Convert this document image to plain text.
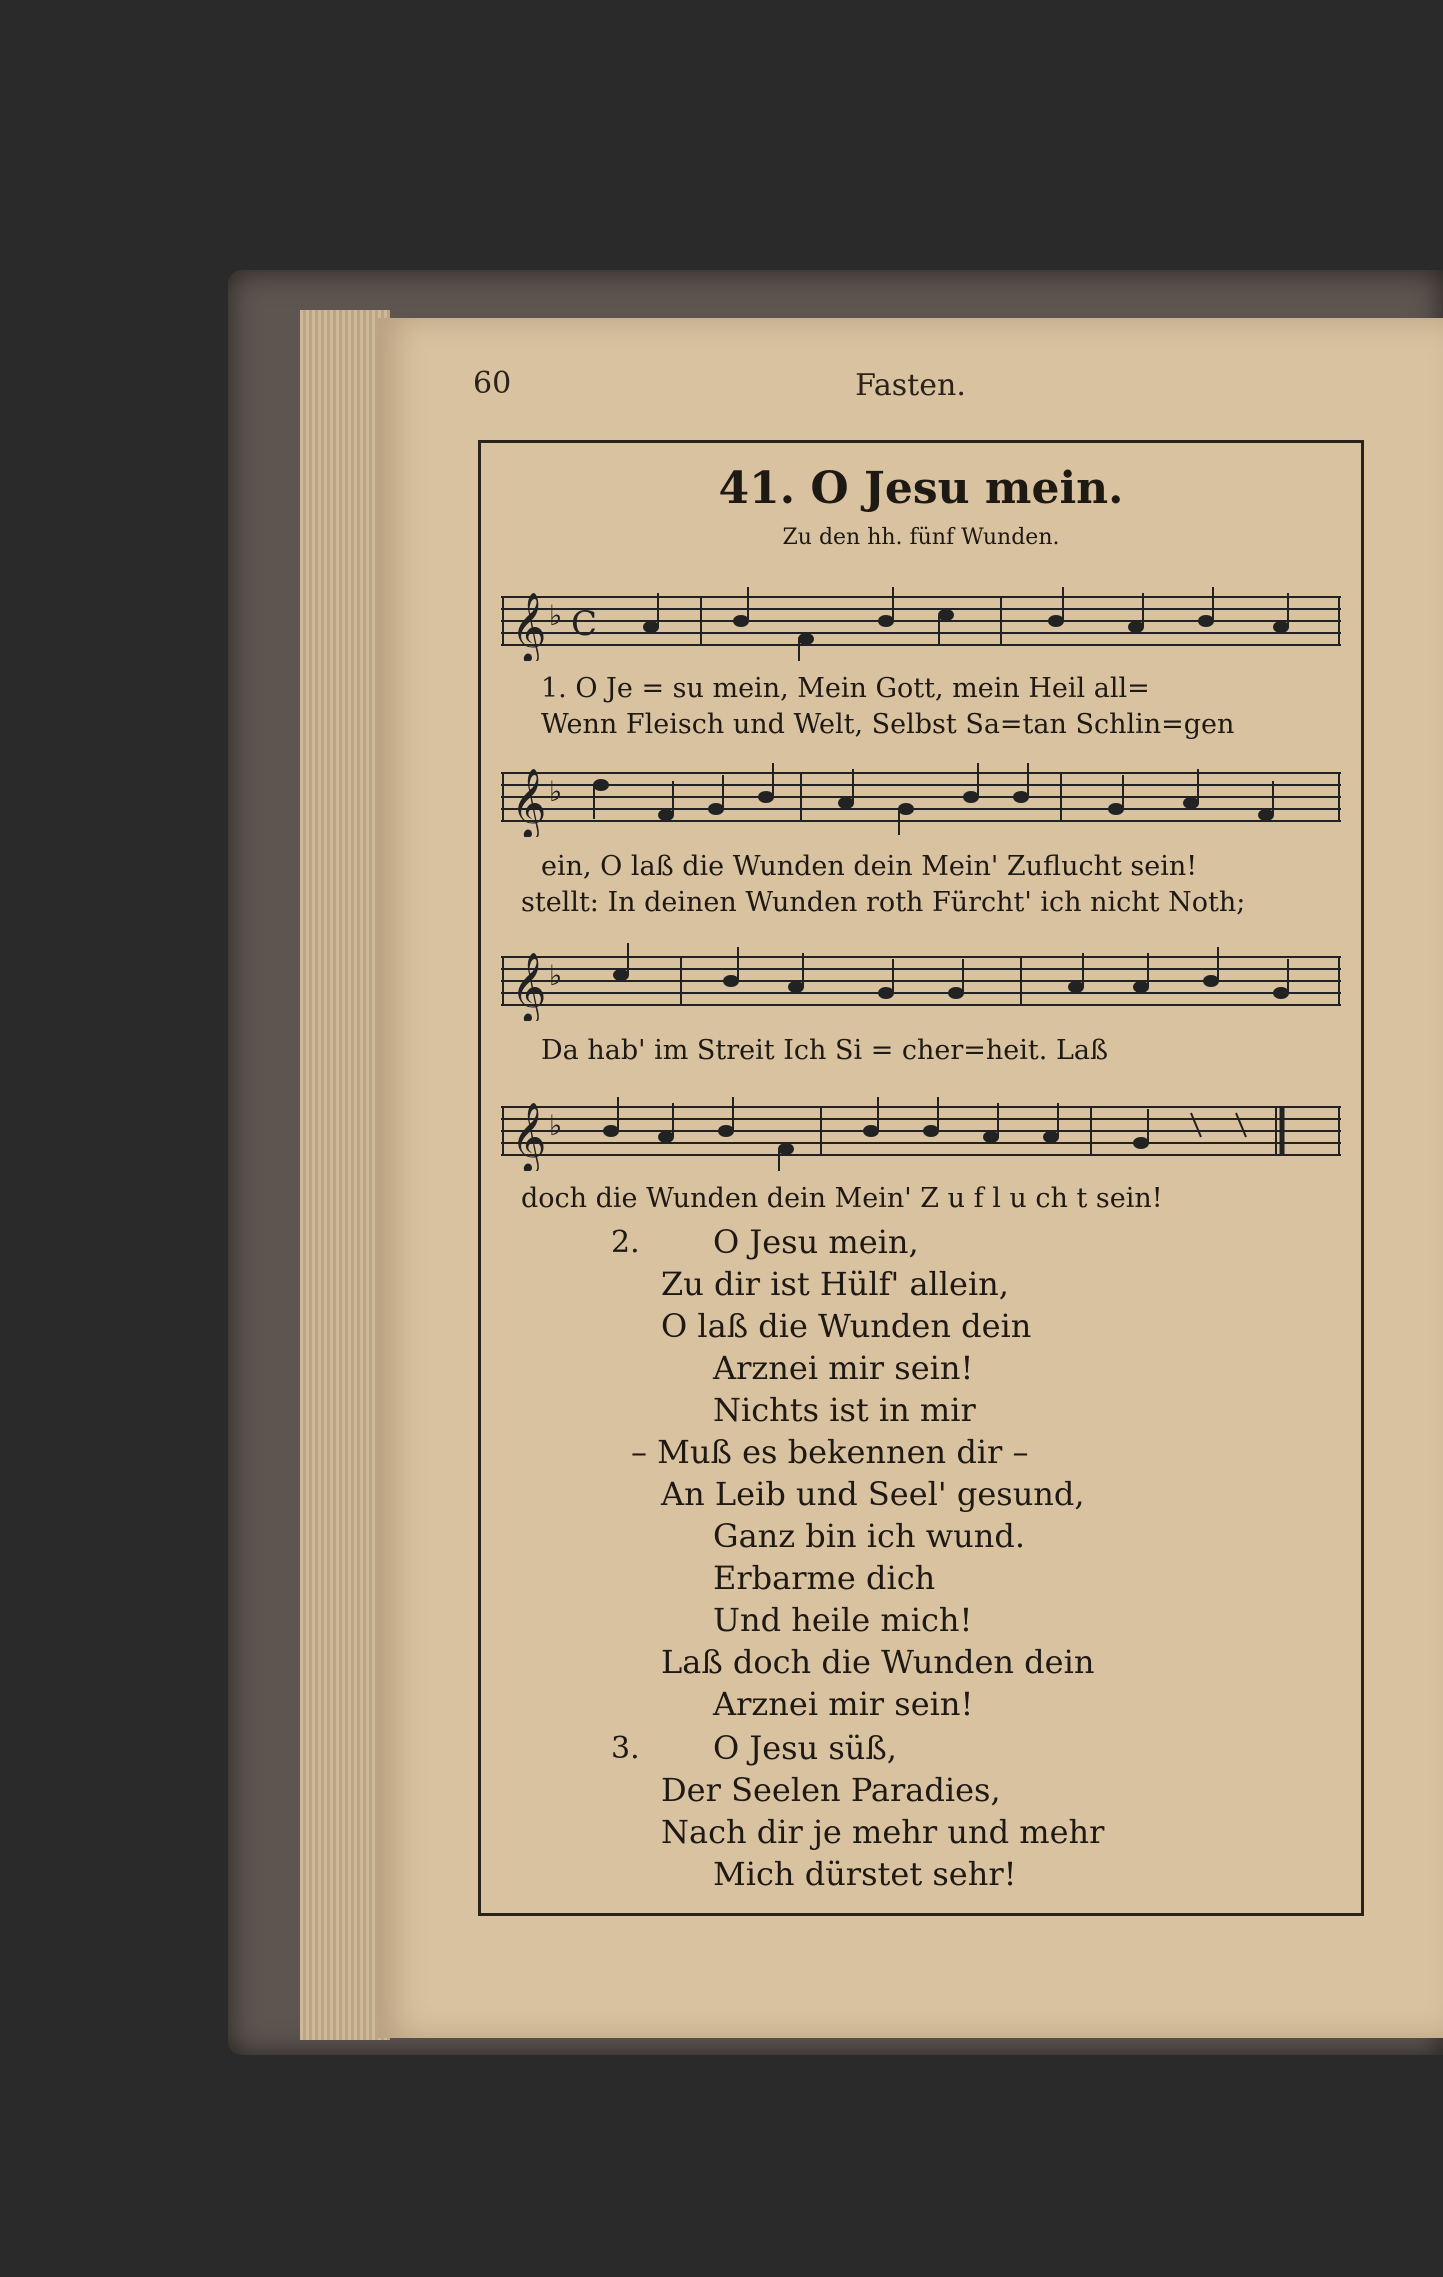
60	Fasten.
41. O Jesu mein.
Zu den hh. fünf Wunden.
𝄞 ♭ C
1. O Je = su mein, Mein Gott, mein Heil all=
Wenn Fleisch und Welt, Selbst Sa=tan Schlin=gen
𝄞 ♭
ein, O laß die Wunden dein Mein' Zuflucht sein!
stellt: In deinen Wunden roth Fürcht' ich nicht Noth;
𝄞 ♭
Da hab' im Streit Ich Si = cher=heit. Laß
𝄞 ♭
doch die Wunden dein Mein' Z u f l u ch t sein!
2. O Jesu mein,
Zu dir ist Hülf' allein,
O laß die Wunden dein
Arznei mir sein!
Nichts ist in mir
– Muß es bekennen dir –
An Leib und Seel' gesund,
Ganz bin ich wund.
Erbarme dich
Und heile mich!
Laß doch die Wunden dein
Arznei mir sein!
3. O Jesu süß,
Der Seelen Paradies,
Nach dir je mehr und mehr
Mich dürstet sehr!
